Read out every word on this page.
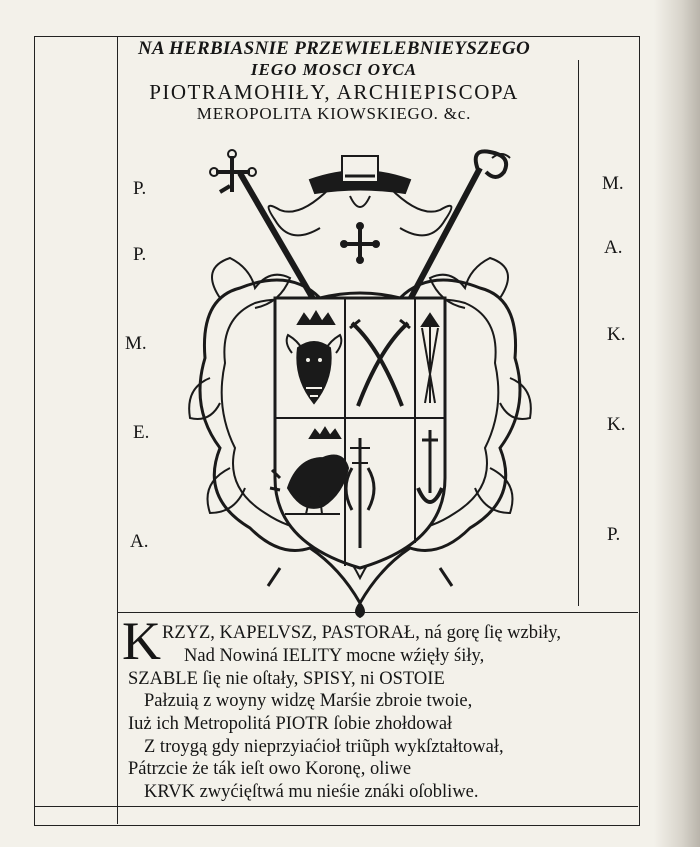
NA HERBIASNIE PRZEWIELEBNIEYSZEGO
IEGO MOSCI OYCA
PIOTRAMOHIŁY, ARCHIEPISCOPA
MEROPOLITA KIOWSKIEGO. &c.
P.
P.
M.
E.
A.
M.
A.
K.
K.
P.
K RZYZ, KAPELVSZ, PASTORAŁ, ná gorę ſię wzbiły,
Nad Nowiná IELITY mocne wźięły śiły,
SZABLE ſię nie oſtały, SPISY, ni OSTOIE
Pałzuią z woyny widzę Marśie zbroie twoie,
Iuż ich Metropolitá PIOTR ſobie zhołdował
Z troygą gdy nieprzyiaćioł triũph wykſztałtował,
Pátrzcie że ták ieſt owo Koronę, oliwe
KRVK zwyćięſtwá mu nieśie znáki oſobliwe.
